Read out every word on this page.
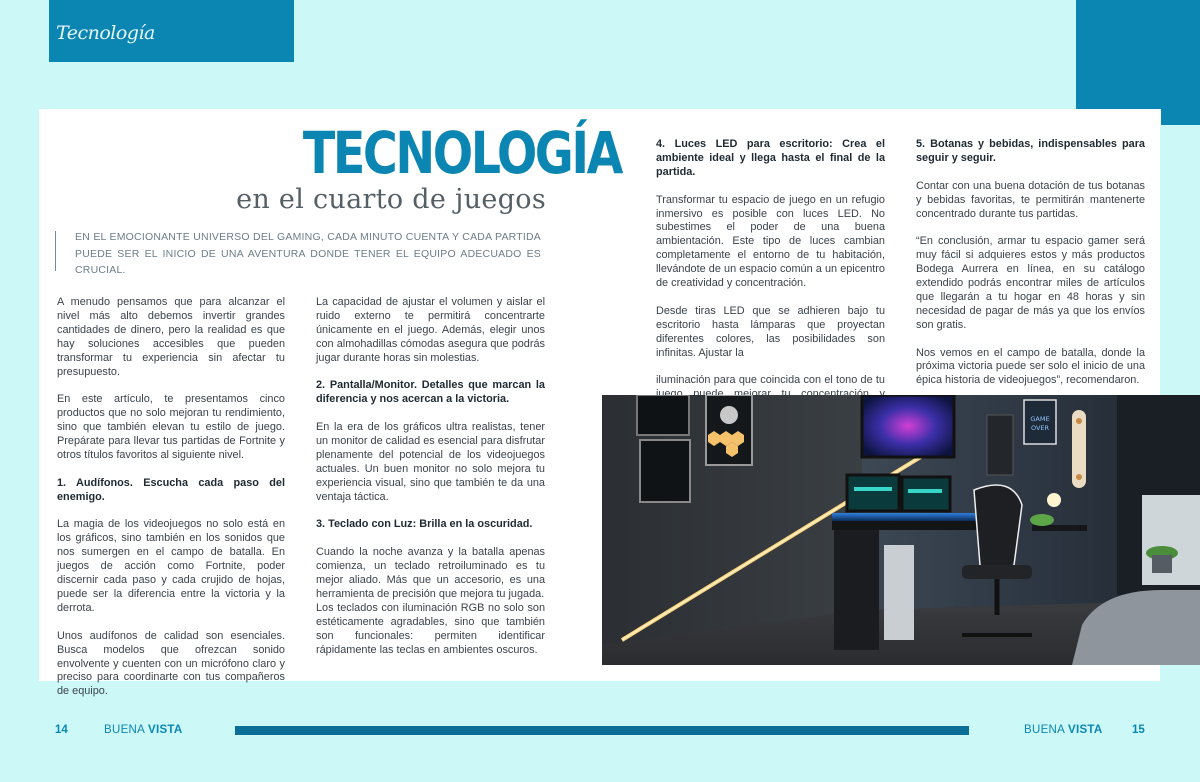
Tecnología
TECNOLOGÍA
en el cuarto de juegos
EN EL EMOCIONANTE UNIVERSO DEL GAMING, CADA MINUTO CUENTA Y CADA PARTIDA PUEDE SER EL INICIO DE UNA AVENTURA DONDE TENER EL EQUIPO ADECUADO ES CRUCIAL.

A menudo pensamos que para alcanzar el nivel más alto debemos invertir grandes cantidades de dinero, pero la realidad es que hay soluciones accesibles que pueden transformar tu experiencia sin afectar tu presupuesto.

En este artículo, te presentamos cinco productos que no solo mejoran tu rendimiento, sino que también elevan tu estilo de juego. Prepárate para llevar tus partidas de Fortnite y otros títulos favoritos al siguiente nivel.

1. Audífonos. Escucha cada paso del enemigo.

La magia de los videojuegos no solo está en los gráficos, sino también en los sonidos que nos sumergen en el campo de batalla. En juegos de acción como Fortnite, poder discernir cada paso y cada crujido de hojas, puede ser la diferencia entre la victoria y la derrota.

Unos audífonos de calidad son esenciales. Busca modelos que ofrezcan sonido envolvente y cuenten con un micrófono claro y preciso para coordinarte con tus compañeros de equipo.

La capacidad de ajustar el volumen y aislar el ruido externo te permitirá concentrarte únicamente en el juego. Además, elegir unos con almohadillas cómodas asegura que podrás jugar durante horas sin molestias.

2. Pantalla/Monitor. Detalles que marcan la diferencia y nos acercan a la victoria.

En la era de los gráficos ultra realistas, tener un monitor de calidad es esencial para disfrutar plenamente del potencial de los videojuegos actuales. Un buen monitor no solo mejora tu experiencia visual, sino que también te da una ventaja táctica.

3. Teclado con Luz: Brilla en la oscuridad.

Cuando la noche avanza y la batalla apenas comienza, un teclado retroiluminado es tu mejor aliado. Más que un accesorio, es una herramienta de precisión que mejora tu jugada.

Los teclados con iluminación RGB no solo son estéticamente agradables, sino que también son funcionales: permiten identificar rápidamente las teclas en ambientes oscuros.

4. Luces LED para escritorio: Crea el ambiente ideal y llega hasta el final de la partida.

Transformar tu espacio de juego en un refugio inmersivo es posible con luces LED. No subestimes el poder de una buena ambientación. Este tipo de luces cambian completamente el entorno de tu habitación, llevándote de un espacio común a un epicentro de creatividad y concentración.

Desde tiras LED que se adhieren bajo tu escritorio hasta lámparas que proyectan diferentes colores, las posibilidades son infinitas. Ajustar la

iluminación para que coincida con el tono de tu

5. Botanas y bebidas, indispensables para seguir y seguir.

Contar con una buena dotación de tus botanas y bebidas favoritas, te permitirán mantenerte concentrado durante tus partidas.

“En conclusión, armar tu espacio gamer será muy fácil si adquieres estos y más productos Bodega Aurrera en línea, en su catálogo extendido podrás encontrar miles de artículos que llegarán a tu hogar en 48 horas y sin necesidad de pagar de más ya que los envíos son gratis.

Nos vemos en el campo de batalla, donde la próxima victoria puede ser solo el inicio de una épica historia de videojuegos”, recomendaron.

GAME
OVER
14	BUENA VISTA	BUENA VISTA	15
